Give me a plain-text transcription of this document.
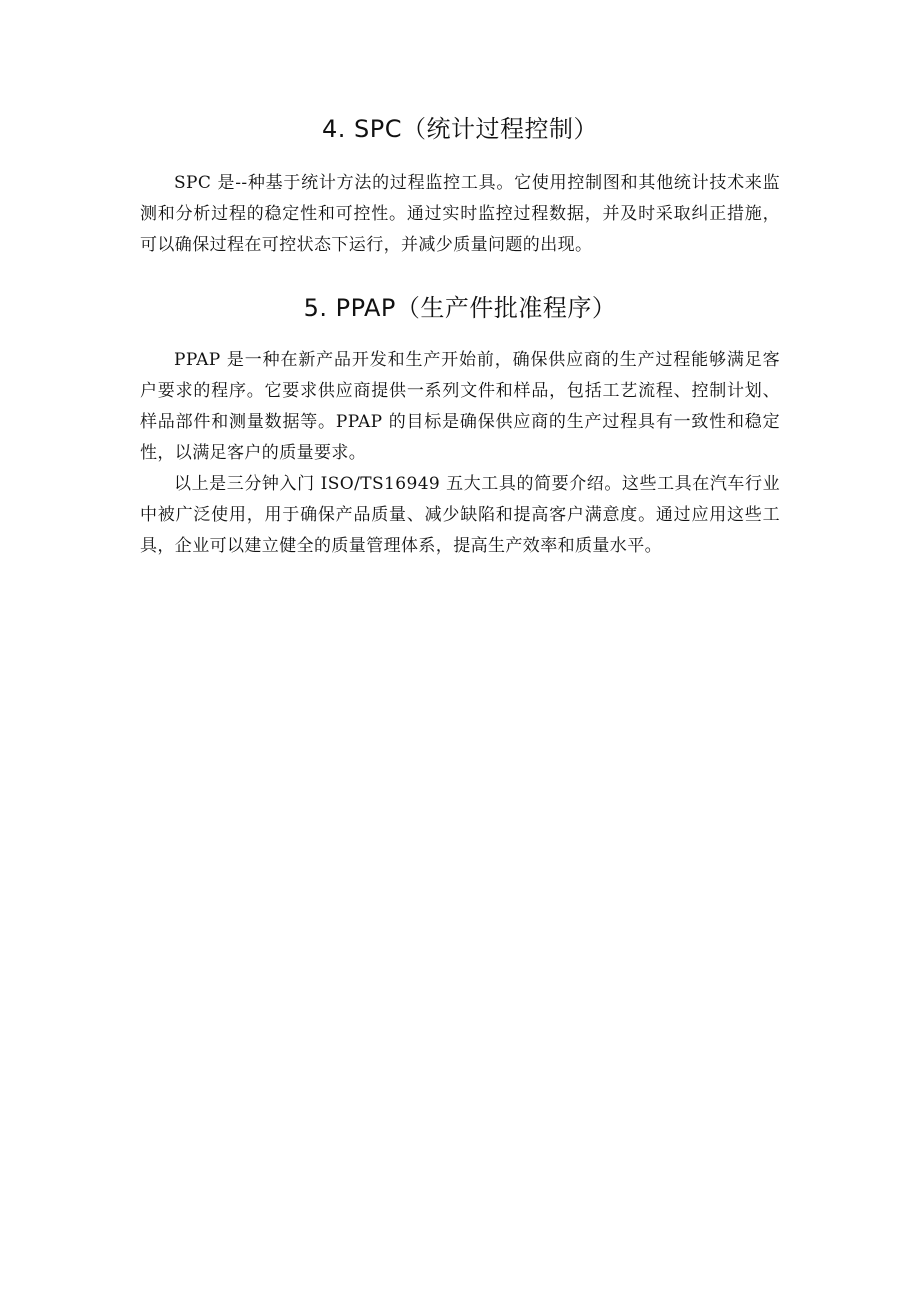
4. SPC（统计过程控制）

SPC 是--种基于统计方法的过程监控工具。它使用控制图和其他统计技术来监测和分析过程的稳定性和可控性。通过实时监控过程数据，并及时采取纠正措施，可以确保过程在可控状态下运行，并减少质量问题的出现。

5. PPAP（生产件批准程序）

PPAP 是一种在新产品开发和生产开始前，确保供应商的生产过程能够满足客户要求的程序。它要求供应商提供一系列文件和样品，包括工艺流程、控制计划、样品部件和测量数据等。PPAP 的目标是确保供应商的生产过程具有一致性和稳定性，以满足客户的质量要求。

以上是三分钟入门 ISO/TS16949 五大工具的简要介绍。这些工具在汽车行业中被广泛使用，用于确保产品质量、减少缺陷和提高客户满意度。通过应用这些工具，企业可以建立健全的质量管理体系，提高生产效率和质量水平。
